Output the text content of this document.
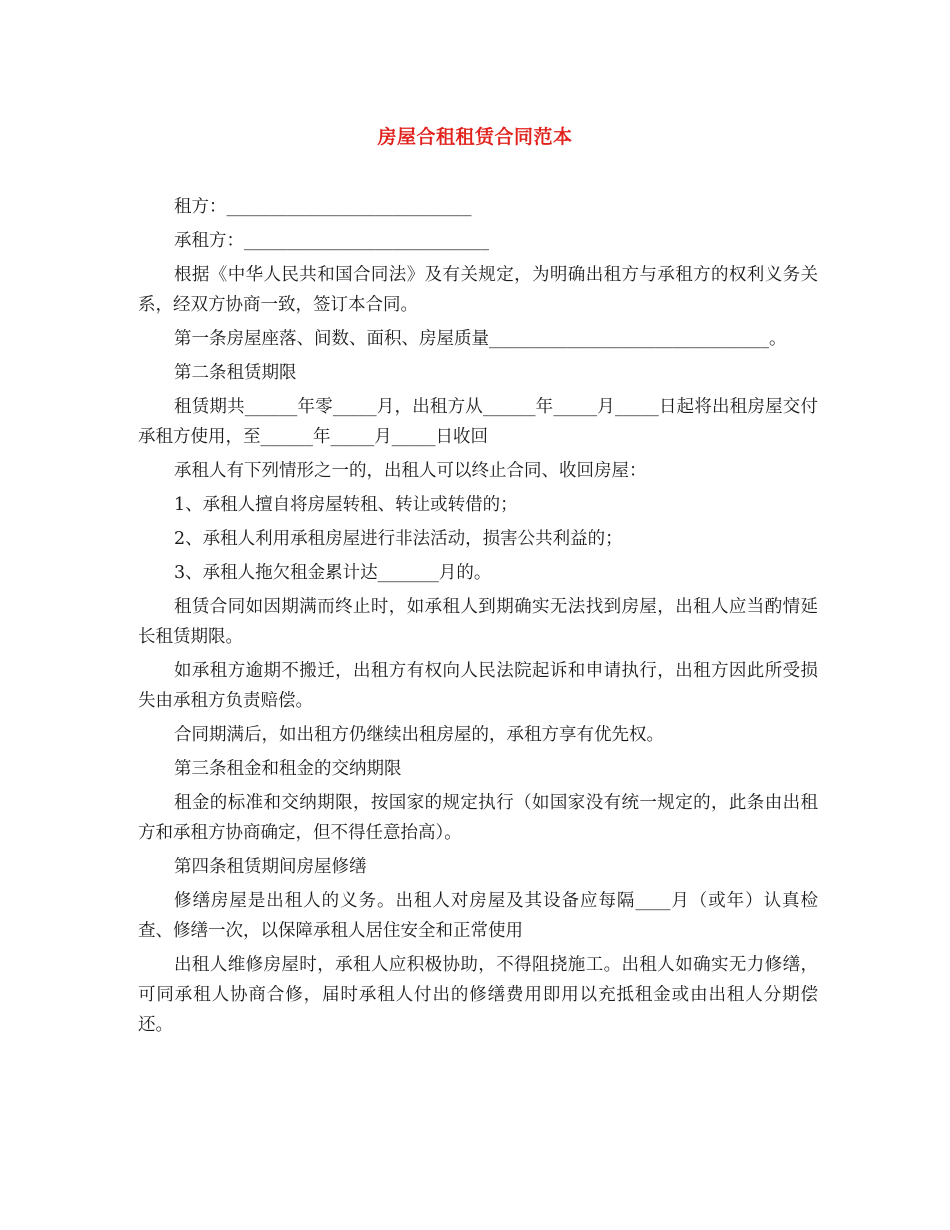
房屋合租租赁合同范本

租方：____________________________

承租方：____________________________

根据《中华人民共和国合同法》及有关规定，为明确出租方与承租方的权利义务关系，经双方协商一致，签订本合同。

第一条房屋座落、间数、面积、房屋质量________________________________。

第二条租赁期限

租赁期共______年零_____月，出租方从______年_____月_____日起将出租房屋交付承租方使用，至______年_____月_____日收回

承租人有下列情形之一的，出租人可以终止合同、收回房屋：

1、承租人擅自将房屋转租、转让或转借的；

2、承租人利用承租房屋进行非法活动，损害公共利益的；

3、承租人拖欠租金累计达_______月的。

租赁合同如因期满而终止时，如承租人到期确实无法找到房屋，出租人应当酌情延长租赁期限。

如承租方逾期不搬迁，出租方有权向人民法院起诉和申请执行，出租方因此所受损失由承租方负责赔偿。

合同期满后，如出租方仍继续出租房屋的，承租方享有优先权。

第三条租金和租金的交纳期限

租金的标准和交纳期限，按国家的规定执行（如国家没有统一规定的，此条由出租方和承租方协商确定，但不得任意抬高）。

第四条租赁期间房屋修缮

修缮房屋是出租人的义务。出租人对房屋及其设备应每隔____月（或年）认真检查、修缮一次，以保障承租人居住安全和正常使用

出租人维修房屋时，承租人应积极协助，不得阻挠施工。出租人如确实无力修缮，可同承租人协商合修，届时承租人付出的修缮费用即用以充抵租金或由出租人分期偿还。
